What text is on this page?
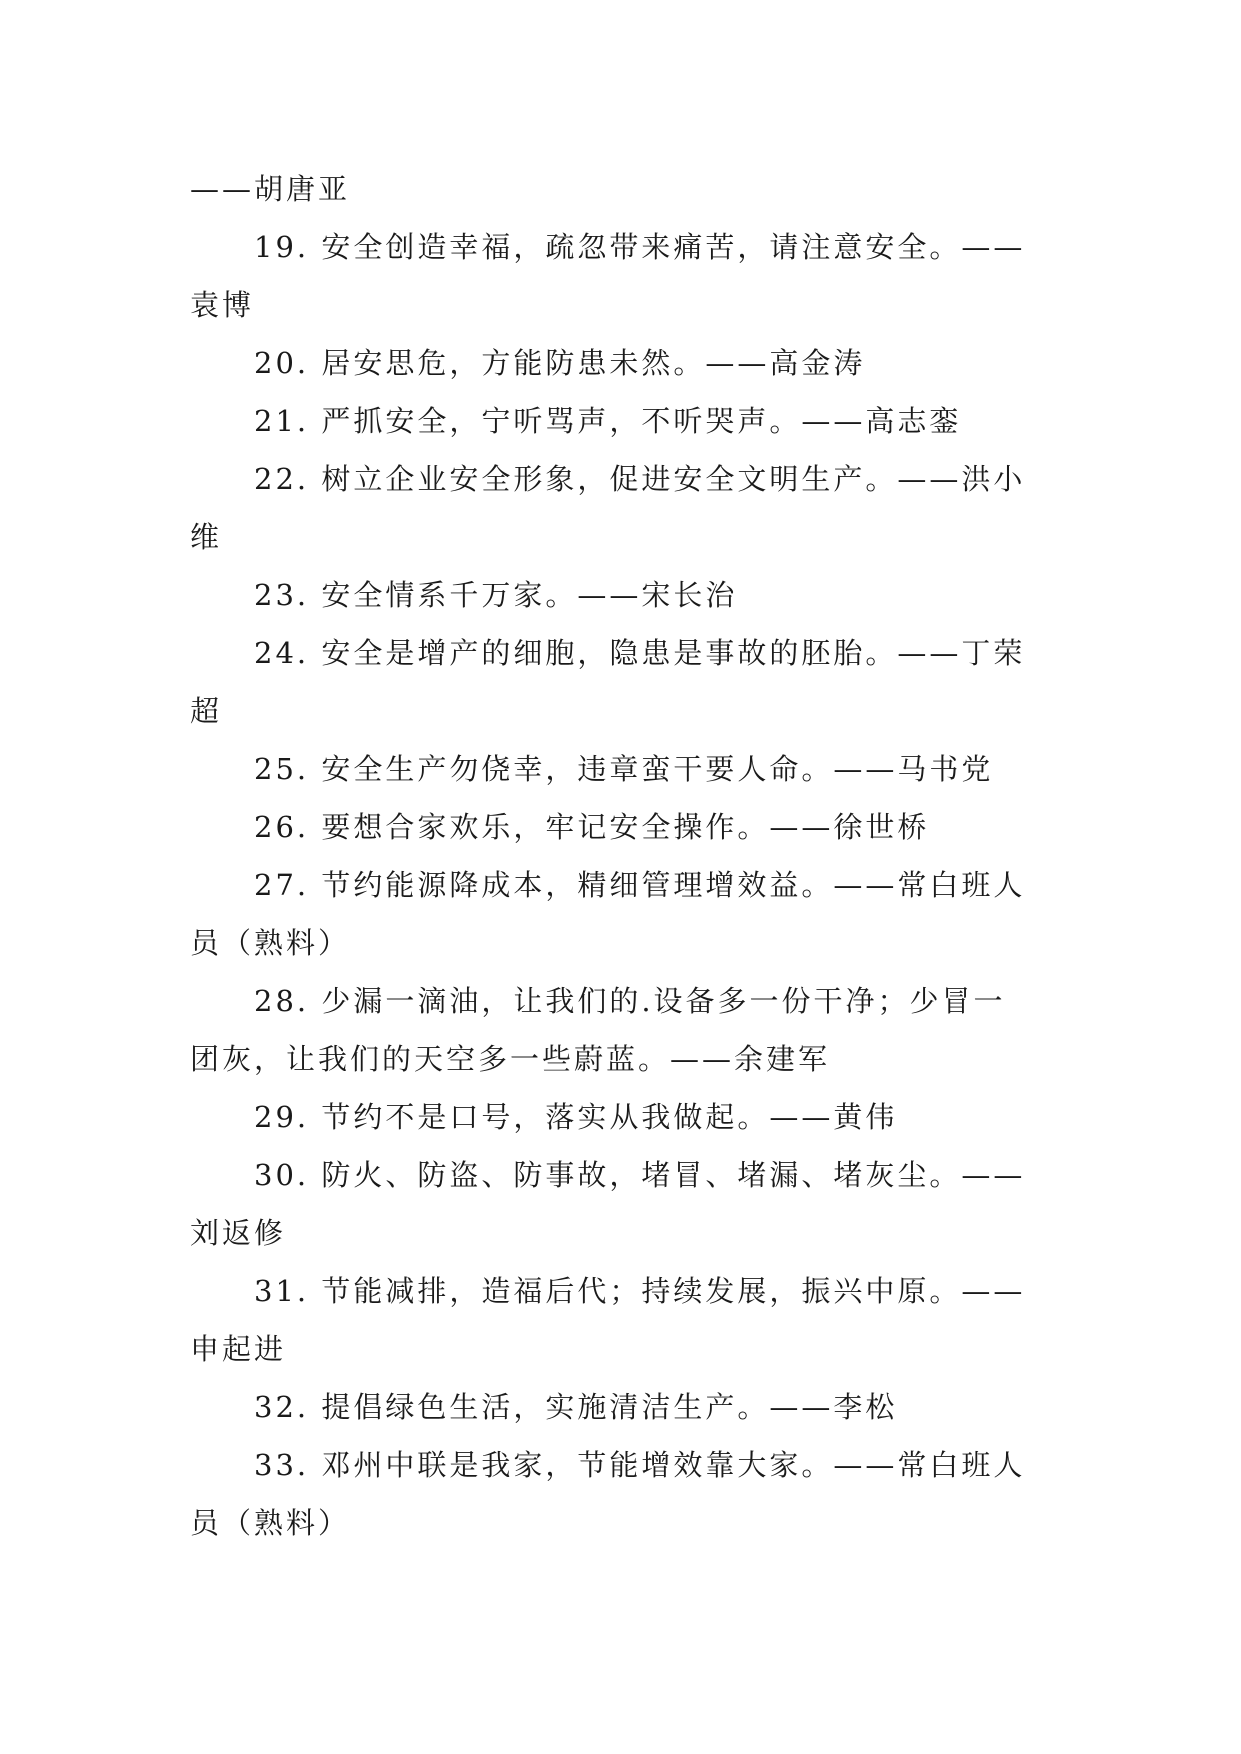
——胡唐亚
19. 安全创造幸福，疏忽带来痛苦，请注意安全。——
袁博
20. 居安思危，方能防患未然。——高金涛
21. 严抓安全，宁听骂声，不听哭声。——高志銮
22. 树立企业安全形象，促进安全文明生产。——洪小
维
23. 安全情系千万家。——宋长治
24. 安全是增产的细胞，隐患是事故的胚胎。——丁荣
超
25. 安全生产勿侥幸，违章蛮干要人命。——马书党
26. 要想合家欢乐，牢记安全操作。——徐世桥
27. 节约能源降成本，精细管理增效益。——常白班人
员（熟料）
28. 少漏一滴油，让我们的.设备多一份干净；少冒一
团灰，让我们的天空多一些蔚蓝。——余建军
29. 节约不是口号，落实从我做起。——黄伟
30. 防火、防盗、防事故，堵冒、堵漏、堵灰尘。——
刘返修
31. 节能减排，造福后代；持续发展，振兴中原。——
申起进
32. 提倡绿色生活，实施清洁生产。——李松
33. 邓州中联是我家，节能增效靠大家。——常白班人
员（熟料）
